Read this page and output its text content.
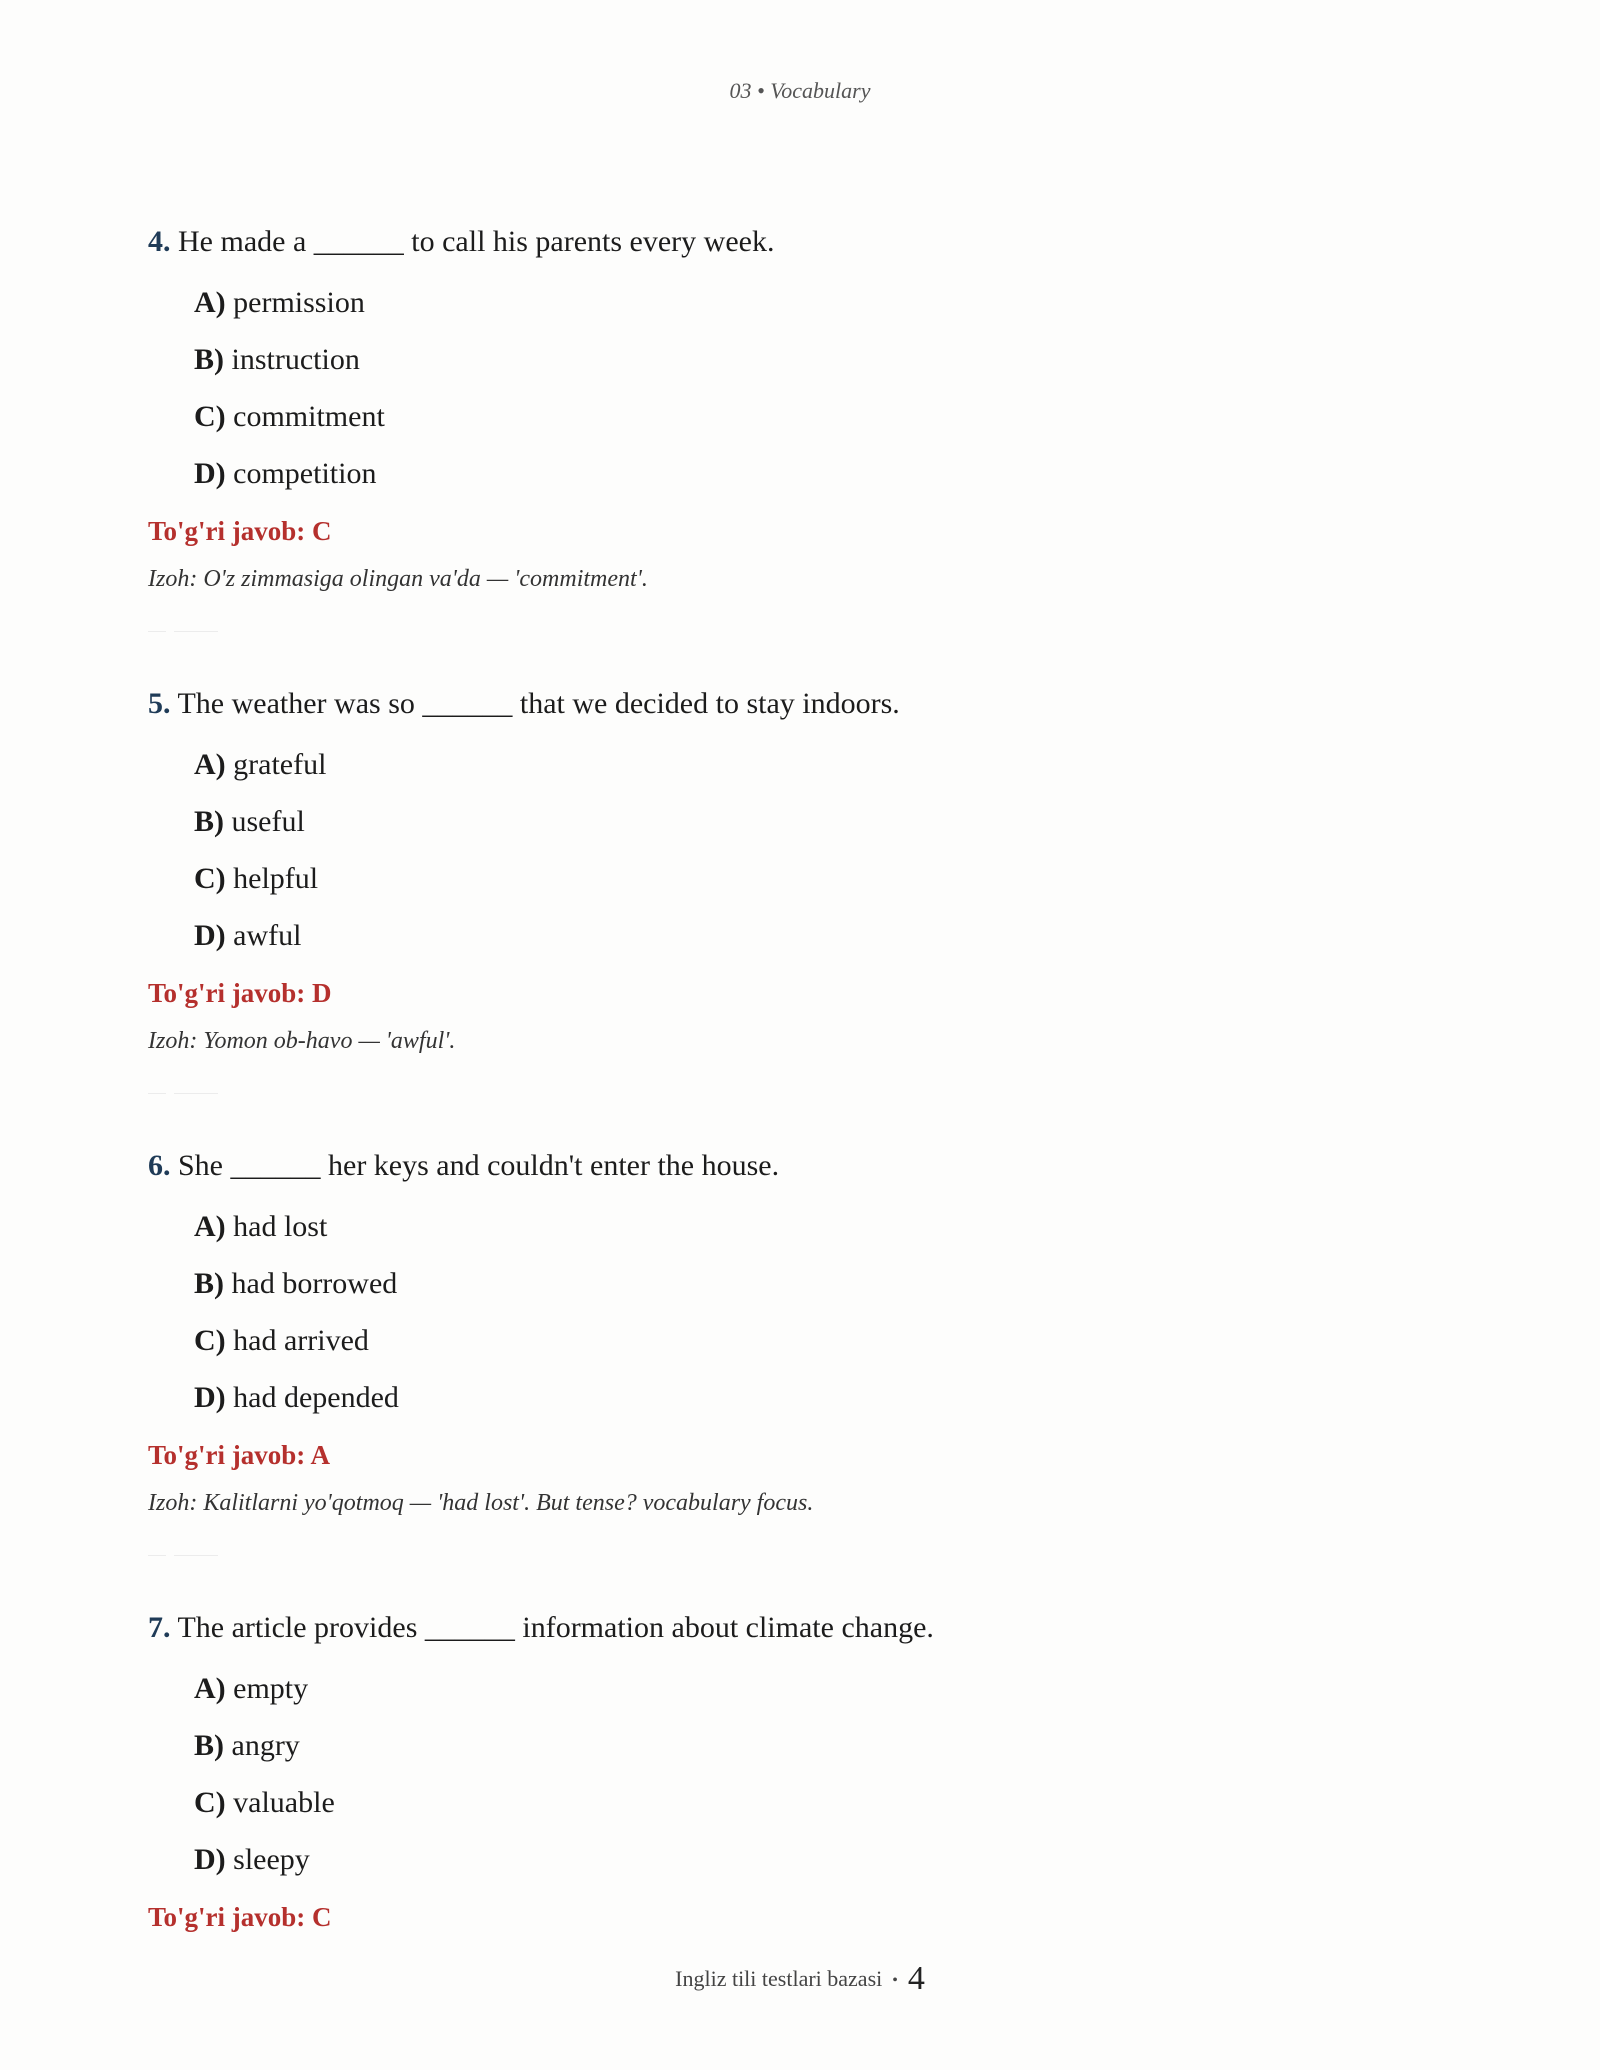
03 • Vocabulary

4. He made a ______ to call his parents every week.

A) permission
B) instruction
C) commitment
D) competition
To'g'ri javob: C
Izoh: O'z zimmasiga olingan va'da — 'commitment'.

5. The weather was so ______ that we decided to stay indoors.

A) grateful
B) useful
C) helpful
D) awful
To'g'ri javob: D
Izoh: Yomon ob-havo — 'awful'.

6. She ______ her keys and couldn't enter the house.

A) had lost
B) had borrowed
C) had arrived
D) had depended
To'g'ri javob: A
Izoh: Kalitlarni yo'qotmoq — 'had lost'. But tense? vocabulary focus.

7. The article provides ______ information about climate change.

A) empty
B) angry
C) valuable
D) sleepy
To'g'ri javob: C
Ingliz tili testlari bazasi • 4
